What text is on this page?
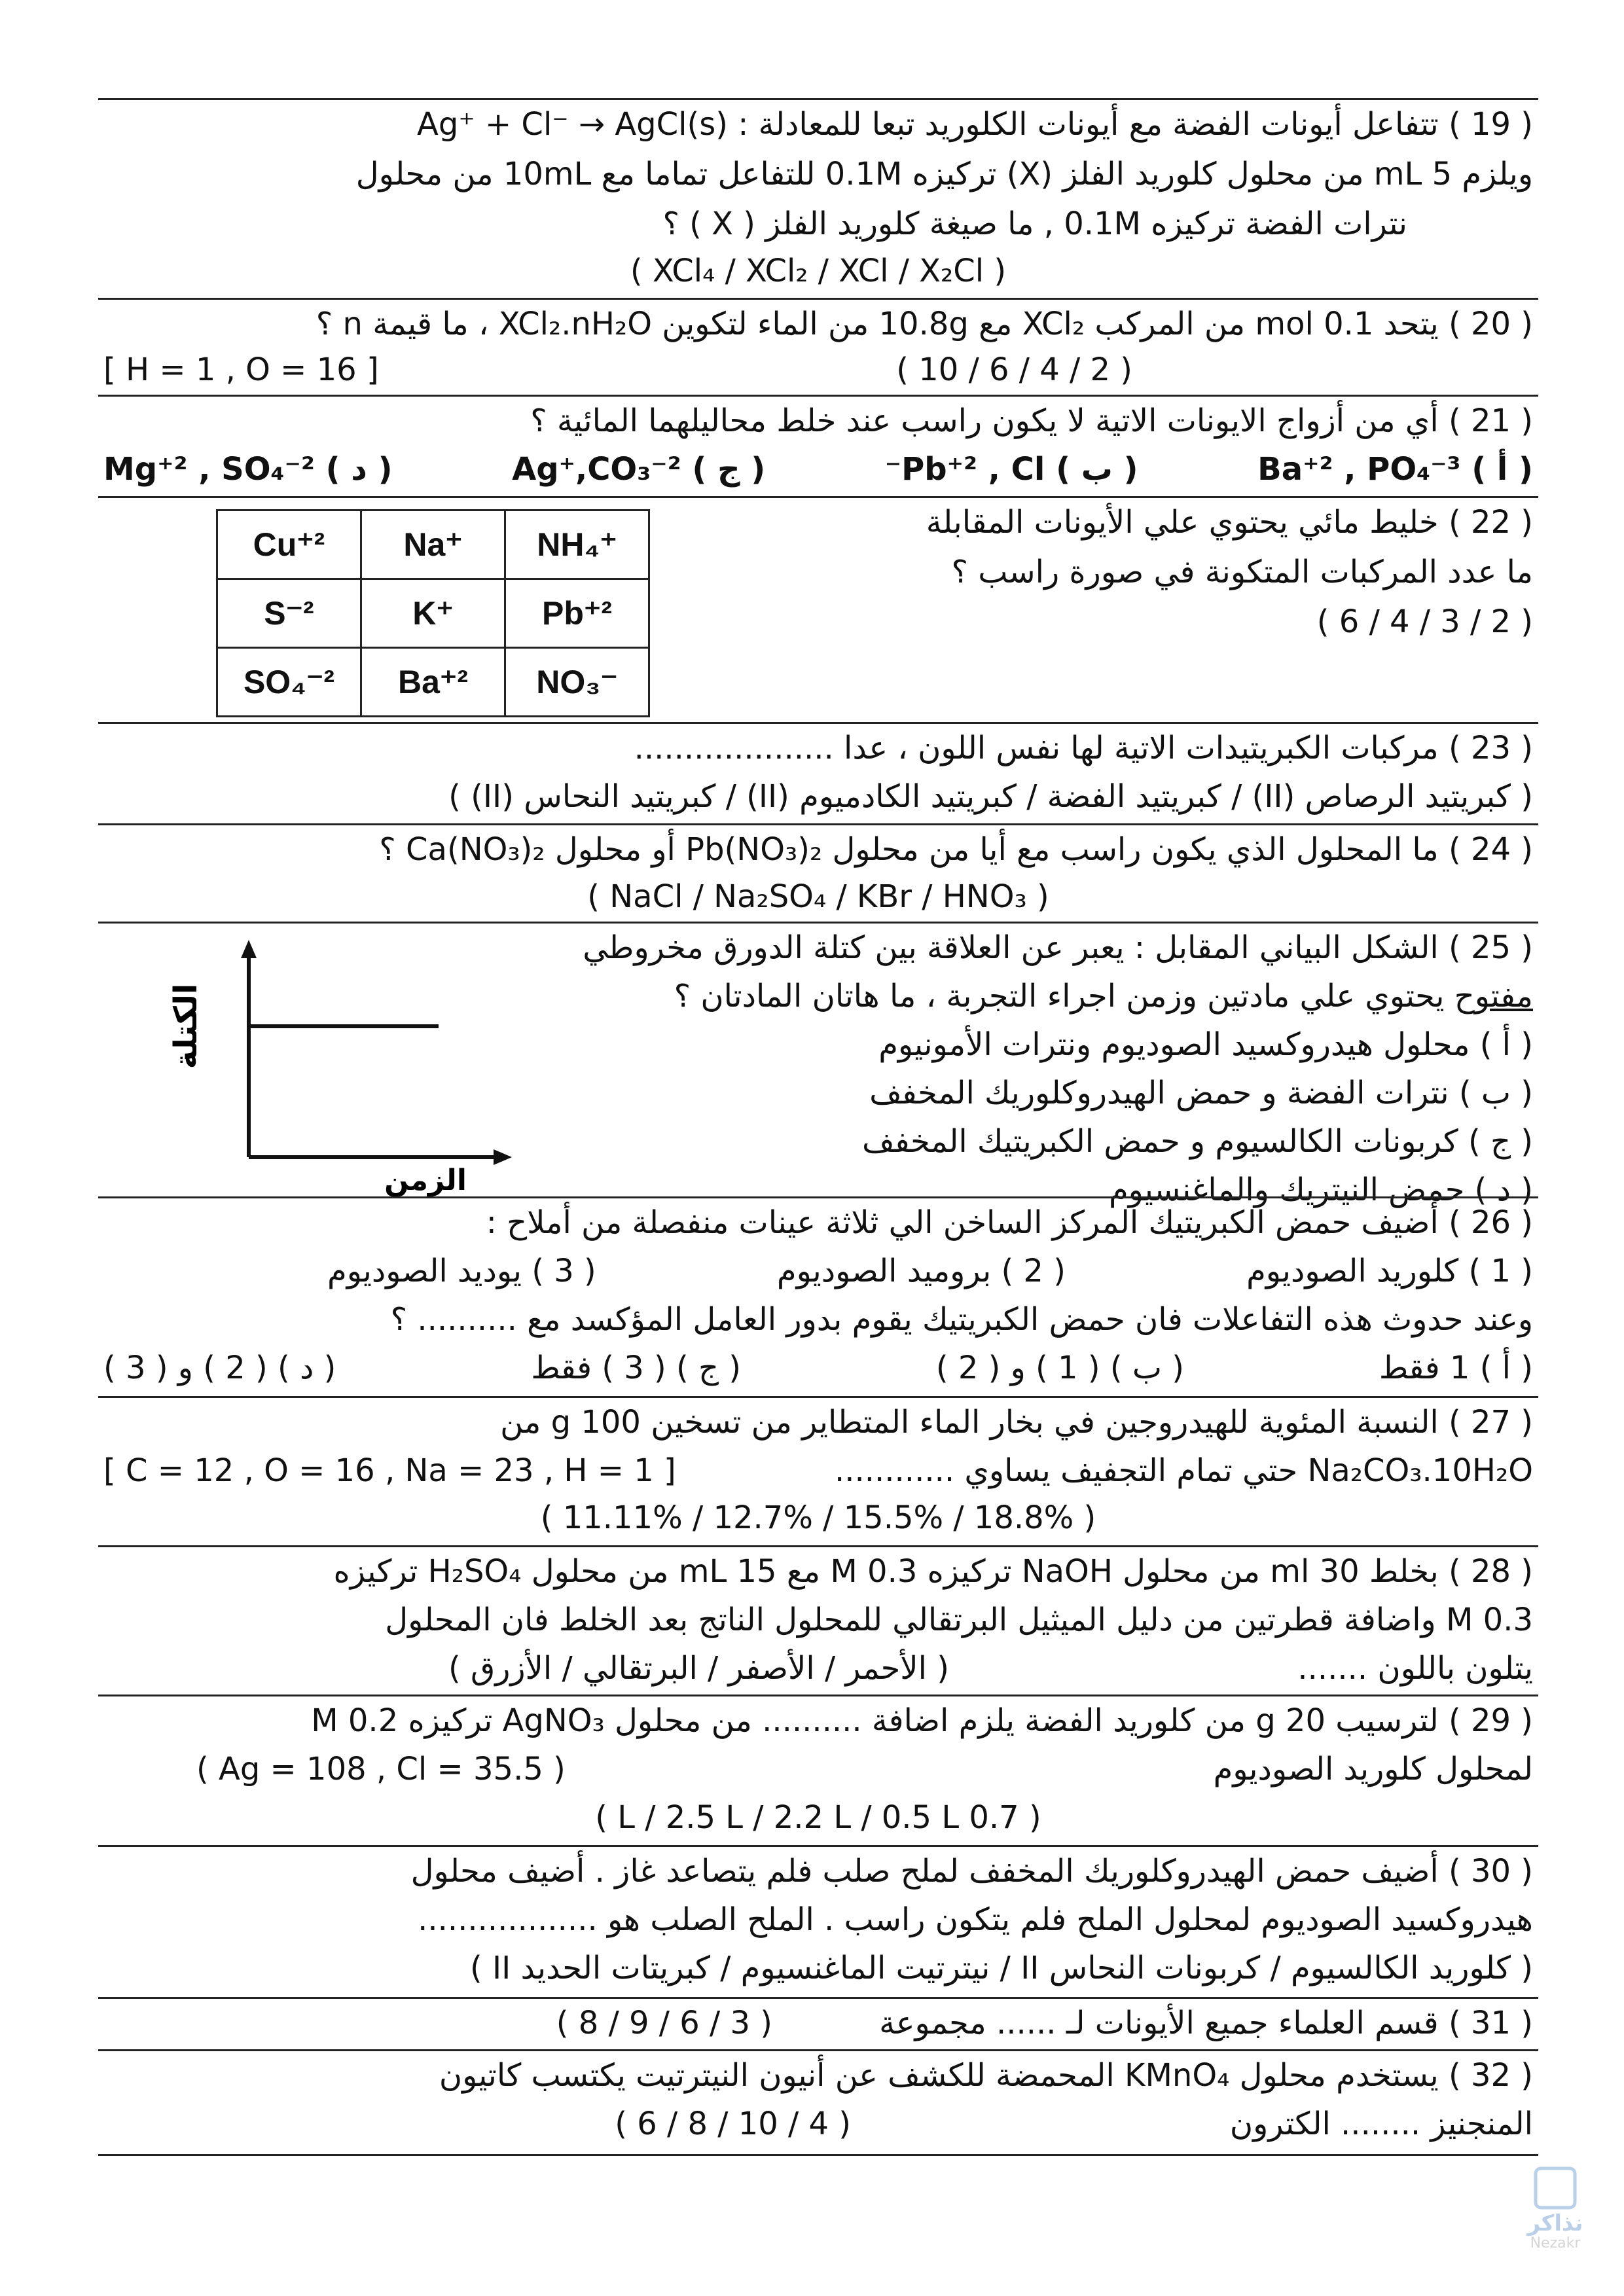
( 19 ) تتفاعل أيونات الفضة مع أيونات الكلوريد تبعا للمعادلة : Ag⁺ + Cl⁻ → AgCl(s)
ويلزم 5 mL من محلول كلوريد الفلز (X) تركيزه 0.1M للتفاعل تماما مع 10mL من محلول
نترات الفضة تركيزه 0.1M , ما صيغة كلوريد الفلز ( X ) ؟
( XCl₄ / XCl₂ / XCl / X₂Cl )
( 20 ) يتحد 0.1 mol من المركب XCl₂ مع 10.8g من الماء لتكوين XCl₂.nH₂O ، ما قيمة n ؟
( 2 / 4 / 6 / 10 )
[ H = 1 , O = 16 ]
( 21 ) أي من أزواج الايونات الاتية لا يكون راسب عند خلط محاليلهما المائية ؟
( أ ) Ba⁺² , PO₄⁻³
( ب ) Pb⁺² , Cl⁻
( ج ) Ag⁺,CO₃⁻²
( د ) Mg⁺² , SO₄⁻²
( 22 ) خليط مائي يحتوي علي الأيونات المقابلة
ما عدد المركبات المتكونة في صورة راسب ؟
( 2 / 3 / 4 / 6 )
Cu⁺²	Na⁺	NH₄⁺
S⁻²	K⁺	Pb⁺²
SO₄⁻²	Ba⁺²	NO₃⁻
( 23 ) مركبات الكبريتيدات الاتية لها نفس اللون ، عدا ....................
( كبريتيد الرصاص (II) / كبريتيد الفضة / كبريتيد الكادميوم (II) / كبريتيد النحاس (II) )
( 24 ) ما المحلول الذي يكون راسب مع أيا من محلول Pb(NO₃)₂ أو محلول Ca(NO₃)₂ ؟
( NaCl / Na₂SO₄ / KBr / HNO₃ )
( 25 ) الشكل البياني المقابل : يعبر عن العلاقة بين كتلة الدورق مخروطي
مفتوح يحتوي علي مادتين وزمن اجراء التجربة ، ما هاتان المادتان ؟
( أ ) محلول هيدروكسيد الصوديوم ونترات الأمونيوم
( ب ) نترات الفضة و حمض الهيدروكلوريك المخفف
( ج ) كربونات الكالسيوم و حمض الكبريتيك المخفف
( د ) حمض النيتريك والماغنسيوم
الكتلة
الزمن
( 26 ) أضيف حمض الكبريتيك المركز الساخن الي ثلاثة عينات منفصلة من أملاح :
( 1 ) كلوريد الصوديوم
( 2 ) بروميد الصوديوم
( 3 ) يوديد الصوديوم
وعند حدوث هذه التفاعلات فان حمض الكبريتيك يقوم بدور العامل المؤكسد مع .......... ؟
( أ ) 1 فقط
( ب ) ( 1 ) و ( 2 )
( ج ) ( 3 ) فقط
( د ) ( 2 ) و ( 3 )
( 27 ) النسبة المئوية للهيدروجين في بخار الماء المتطاير من تسخين 100 g من
Na₂CO₃.10H₂O حتي تمام التجفيف يساوي ............
[ C = 12 , O = 16 , Na = 23 , H = 1 ]
( 18.8% / 15.5% / 12.7% / 11.11% )
( 28 ) بخلط 30 ml من محلول NaOH تركيزه 0.3 M مع 15 mL من محلول H₂SO₄ تركيزه
0.3 M واضافة قطرتين من دليل الميثيل البرتقالي للمحلول الناتج بعد الخلط فان المحلول
يتلون باللون .......
( الأحمر / الأصفر / البرتقالي / الأزرق )
( 29 ) لترسيب 20 g من كلوريد الفضة يلزم اضافة .......... من محلول AgNO₃ تركيزه 0.2 M
لمحلول كلوريد الصوديوم
( Ag = 108 , Cl = 35.5 )
( 0.7 L / 2.5 L / 2.2 L / 0.5 L )
( 30 ) أضيف حمض الهيدروكلوريك المخفف لملح صلب فلم يتصاعد غاز . أضيف محلول
هيدروكسيد الصوديوم لمحلول الملح فلم يتكون راسب . الملح الصلب هو ..................
( كلوريد الكالسيوم / كربونات النحاس II / نيترتيت الماغنسيوم / كبريتات الحديد II )
( 31 ) قسم العلماء جميع الأيونات لـ ...... مجموعة
( 3 / 6 / 9 / 8 )
( 32 ) يستخدم محلول KMnO₄ المحمضة للكشف عن أنيون النيترتيت يكتسب كاتيون
المنجنيز ........ الكترون
( 4 / 10 / 8 / 6 )
نذاكر
Nezakr
